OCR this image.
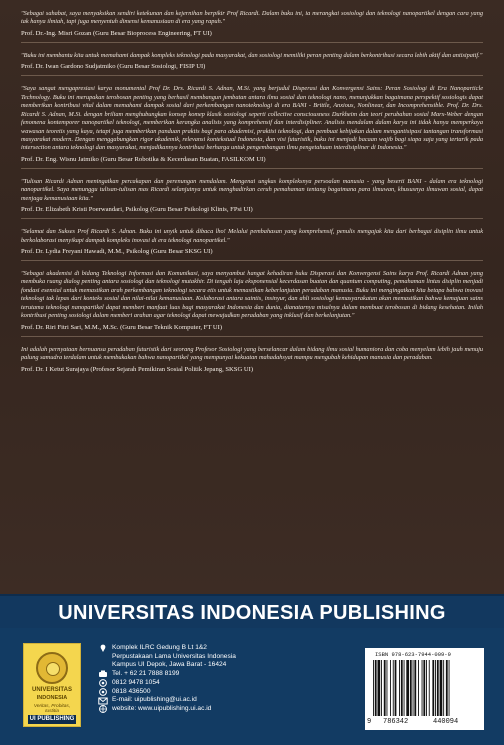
"Sebagai sahabat, saya menyaksikan sendiri ketekunan dan kejernihan berpikir Prof Ricardi. Dalam buku ini, ia merangkai sosiologi dan teknologi nanopartikel dengan cara yang tak hanya ilmiah, tapi juga menyentuh dimensi kemanusiaan di era yang rapuh."
Prof. Dr.-Ing. Misri Gozan (Guru Besar Bioprocess Engineering, FT UI)
"Buku ini membantu kita untuk memahami dampak kompleks teknologi pada masyarakat, dan sosiologi memiliki peran penting dalam berkontribusi secara lebih aktif dan antisipatif."
Prof. Dr. Iwan Gardono Sudjatmiko (Guru Besar Sosiologi, FISIP UI)
"Saya sangat mengapresiasi karya monumental Prof Dr. Drs. Ricardi S. Adnan, M.Si. yang berjudul Disperasi dan Konvergensi Sains: Peran Sosiologi di Era Nanoparticle Technology. Buku ini merupakan terobosan penting yang berhasil membangun jembatan antara ilmu sosial dan teknologi nano, menunjukkan bagaimana perspektif sosiologis dapat memberikan kontribusi vital dalam memahami dampak sosial dari perkembangan nanoteknologi di era BANI - Brittle, Anxious, Nonlinear, dan Incomprehensible. Prof. Dr. Drs. Ricardi S. Adnan, M.Si. dengan briliam menghubungkan konsep komep klasik sosiologi seperti collective consciousness Durkheim dan teori perubahan sosial Marx-Weber dengan fenomena kontemporer nanopartikel teknologi, memberikan kerangka analisis yang komprehensif dan interdisipliner. Analisis mendalam dalam karya ini tidak hanya memperkaya wawasan teoretis yang kaya, tetapi juga memberikan panduan praktis bagi para akademisi, praktisi teknologi, dan pembuat kebijakan dalam mengantisipasi tantangan transformasi masyarakat modern. Dengan menggabungkan rigor akademik, relevansi kontekstual Indonesia, dan visi futuristik, buku ini menjadi bacaan wajib bagi siapa saja yang tertarik pada intersection antara teknologi dan masyarakat, menjadikannya kontribusi berharga untuk pengembangan ilmu pengetahuan interdisipliner di Indonesia."
Prof. Dr. Eng. Wisnu Jatmiko (Guru Besar Robotika & Kecerdasan Buatan, FASILKOM UI)
"Tulisan Ricardi Adnan meningatkan percakapan dan perenungan mendalam. Mengenai ungkas kompleksnya persoalan manusia - yang beserti BANI - dalam era teknologi nanopartikel. Saya menunggu tulisan-tulisan mas Ricardi selanjutnya untuk menghadirkan ceruh pemahaman tentang bagaimana para ilmuwan, khususnya ilmuwan sosial, dapat menjaga kemanusiaan kita."
Prof. Dr. Elizabeth Kristi Poerwandari, Psikolog (Guru Besar Psikologi Klinis, FPsi UI)
"Selamat dan Sukses Prof Ricardi S. Adnan. Buku ini unyik untuk dibaca lho! Melalui pembahasan yang komprehensif, penulis mengajak kita dari berbagai disiplin ilmu untuk berkolaborasi menyikapi dampak kompleks inovasi di era teknologi nanopartikel."
Prof. Dr. Lydia Freyani Hawadi, M.M., Psikolog (Guru Besar SKSG UI)
"Sebagai akademisi di bidang Teknologi Informasi dan Komunikasi, saya menyambut hangat kehadiran buku Disperasi dan Konvergensi Sains karya Prof. Ricardi Adnan yang membuka ruang dialog penting antara sosiologi dan teknologi mutakhir. Di tengah laju eksponensial kecerdasan buatan dan quantum computing, pemahaman lintas disiplin menjadi fondasi esensial untuk memastikan arah perkembangan teknologi secara etis untuk memastikan keberlanjutan peradaban manusia. Buku ini mengingatkan kita betapa bahwa inovasi teknologi tak lepas dari konteks sosial dan nilai-nilai kemanusiaan. Kolaborasi antara saintis, insinyur, dan ahli sosiologi kemasyarakatan akan memastikan bahwa kemajuan sains terutama teknologi nanopartikel dapat memberi manfaat luas bagi masyarakat Indonesia dan dunia, dianatarnya misalnya dalam membuat terobosan di bidang kesehatan. Inilah kontribusi penting sosiologi dalam memberi arahan agar teknologi dapat mewujudkan peradaban yang inklusif dan berkelanjutan."
Prof. Dr. Riri Fitri Sari, M.M., M.Sc. (Guru Besar Teknik Komputer, FT UI)
Ini adalah pernyataan bernuansa peradaban futuristik dari seorang Profesor Sosiologi yang berselancar dalam bidang ilmu sosial humaniora dan coba menyelam lebih jauh menuju palung samudra terdalam untuk membukakan bahwa nanopartikel yang mempunyai kekuatan mahadahsyat mampu mengubah kehidupan manusia dan peradaban.
Prof. Dr. I Ketut Surajaya (Profesor Sejarah Pemikiran Sosial Politik Jepang, SKSG UI)
UNIVERSITAS INDONESIA PUBLISHING
UNIVERSITAS
INDONESIA
Veritas, Probitas, Iustitia
UI PUBLISHING
Komplek ILRC Gedung B Lt 1&2
Perpustakaan Lama Universitas Indonesia
Kampus UI Depok, Jawa Barat - 16424
Tel. + 62 21 7888 8199
0812 9478 1054
0818 436500
E-mail: uipublishing@ui.ac.id
website: www.uipublishing.ui.ac.id
ISBN 978-623-7944-009-9
9 786342	440094
